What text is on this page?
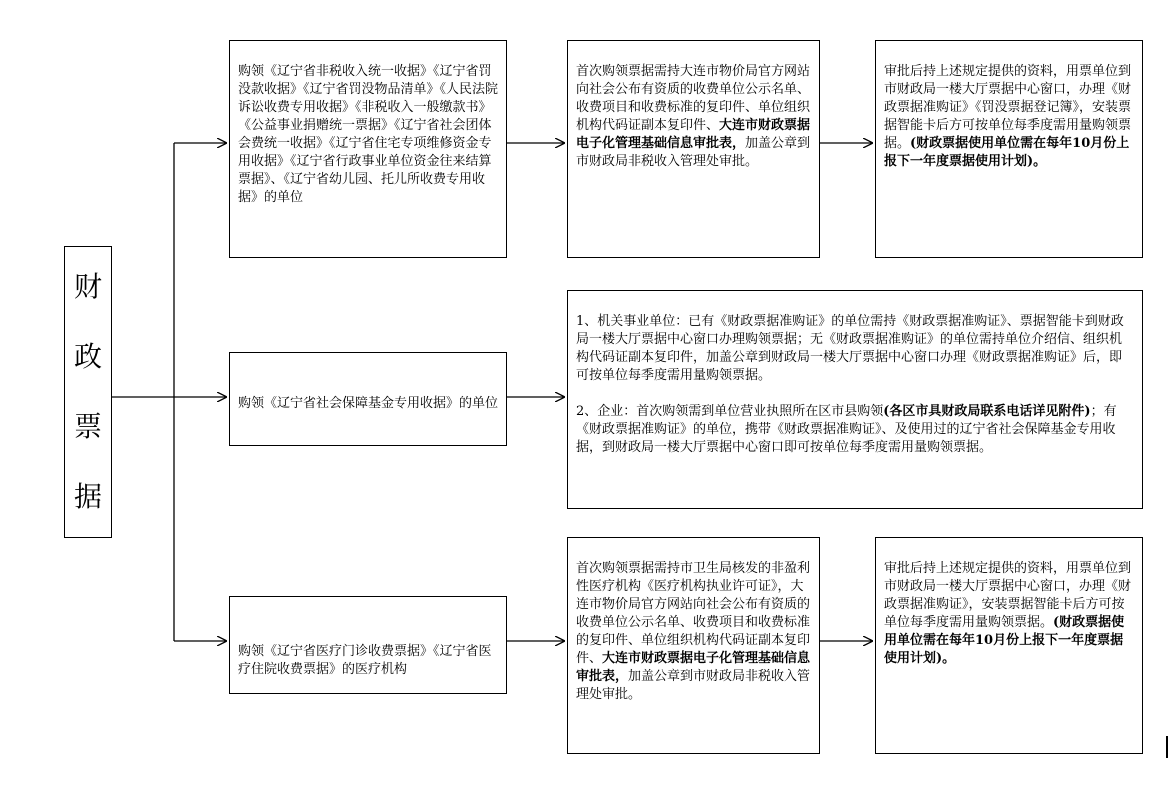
财
政
票
据

购领《辽宁省非税收入统一收据》《辽宁省罚没款收据》《辽宁省罚没物品清单》《人民法院诉讼收费专用收据》《非税收入一般缴款书》《公益事业捐赠统一票据》《辽宁省社会团体会费统一收据》《辽宁省住宅专项维修资金专用收据》《辽宁省行政事业单位资金往来结算票据》、《辽宁省幼儿园、托儿所收费专用收据》的单位

首次购领票据需持大连市物价局官方网站向社会公布有资质的收费单位公示名单、收费项目和收费标准的复印件、单位组织机构代码证副本复印件、大连市财政票据电子化管理基础信息审批表，加盖公章到市财政局非税收入管理处审批。

审批后持上述规定提供的资料，用票单位到市财政局一楼大厅票据中心窗口，办理《财政票据准购证》《罚没票据登记簿》，安装票据智能卡后方可按单位每季度需用量购领票据。(财政票据使用单位需在每年10月份上报下一年度票据使用计划)。

购领《辽宁省社会保障基金专用收据》的单位

1、机关事业单位：已有《财政票据准购证》的单位需持《财政票据准购证》、票据智能卡到财政局一楼大厅票据中心窗口办理购领票据；无《财政票据准购证》的单位需持单位介绍信、组织机构代码证副本复印件，加盖公章到财政局一楼大厅票据中心窗口办理《财政票据准购证》后，即可按单位每季度需用量购领票据。

2、企业：首次购领需到单位营业执照所在区市县购领(各区市具财政局联系电话详见附件)；有《财政票据准购证》的单位，携带《财政票据准购证》、及使用过的辽宁省社会保障基金专用收据，到财政局一楼大厅票据中心窗口即可按单位每季度需用量购领票据。

购领《辽宁省医疗门诊收费票据》《辽宁省医疗住院收费票据》的医疗机构

首次购领票据需持市卫生局核发的非盈利性医疗机构《医疗机构执业许可证》，大连市物价局官方网站向社会公布有资质的收费单位公示名单、收费项目和收费标准的复印件、单位组织机构代码证副本复印件、大连市财政票据电子化管理基础信息审批表，加盖公章到市财政局非税收入管理处审批。

审批后持上述规定提供的资料，用票单位到市财政局一楼大厅票据中心窗口，办理《财政票据准购证》，安装票据智能卡后方可按单位每季度需用量购领票据。(财政票据使用单位需在每年10月份上报下一年度票据使用计划)。
